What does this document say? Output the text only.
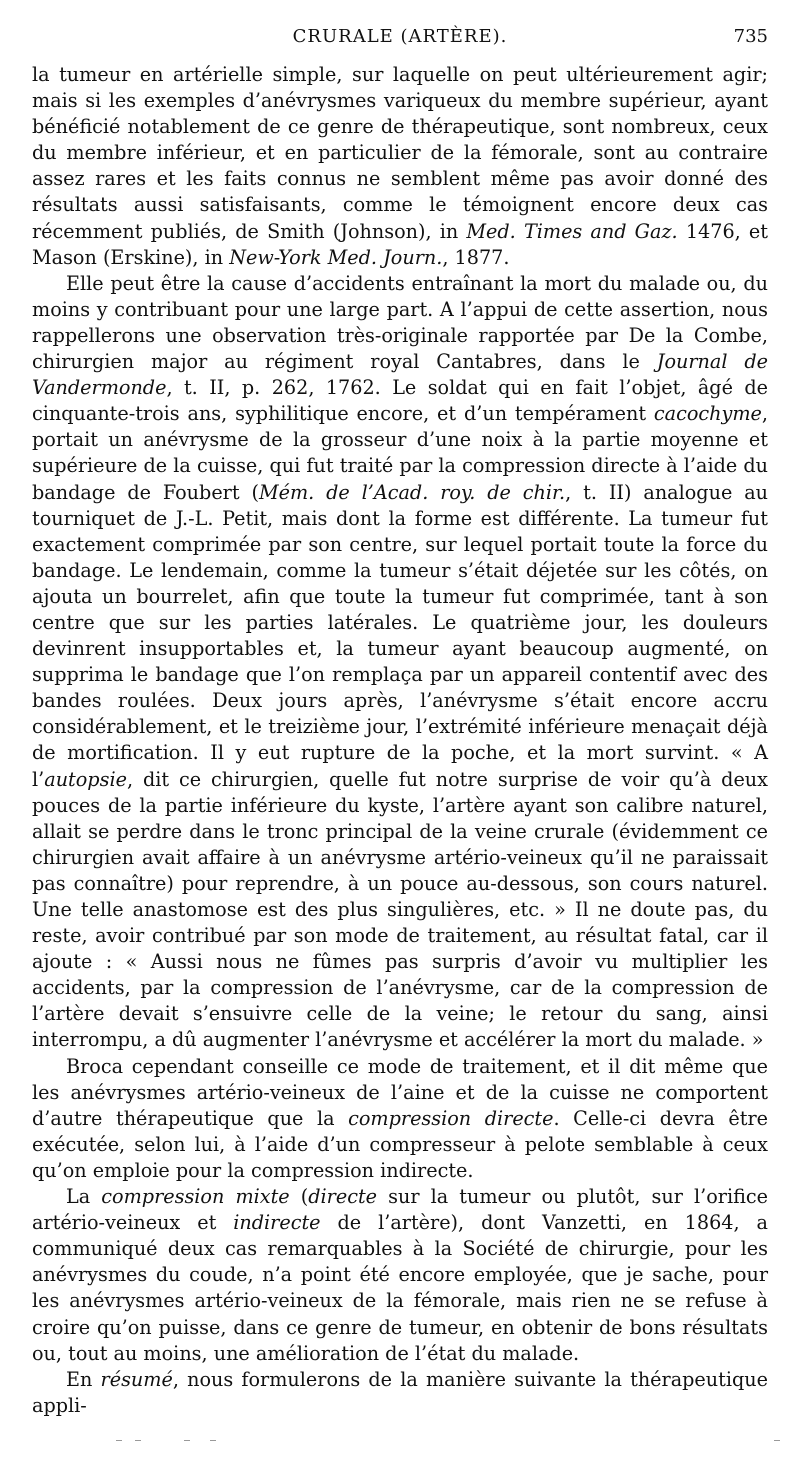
CRURALE (ARTÈRE).	735

la tumeur en artérielle simple, sur laquelle on peut ultérieurement agir; mais si les exemples d’anévrysmes variqueux du membre supérieur, ayant bénéficié notablement de ce genre de thérapeutique, sont nombreux, ceux du membre inférieur, et en particulier de la fémorale, sont au contraire assez rares et les faits connus ne semblent même pas avoir donné des résultats aussi satisfaisants, comme le témoignent encore deux cas récemment publiés, de Smith (Johnson), in Med. Times and Gaz. 1476, et Mason (Erskine), in New-York Med. Journ., 1877.

Elle peut être la cause d’accidents entraînant la mort du malade ou, du moins y contribuant pour une large part. A l’appui de cette assertion, nous rappellerons une observation très-originale rapportée par De la Combe, chirurgien major au régiment royal Cantabres, dans le Journal de Vandermonde, t. II, p. 262, 1762. Le soldat qui en fait l’objet, âgé de cinquante-trois ans, syphilitique encore, et d’un tempérament cacochyme, portait un anévrysme de la grosseur d’une noix à la partie moyenne et supérieure de la cuisse, qui fut traité par la compression directe à l’aide du bandage de Foubert (Mém. de l’Acad. roy. de chir., t. II) analogue au tourniquet de J.-L. Petit, mais dont la forme est différente. La tumeur fut exactement comprimée par son centre, sur lequel portait toute la force du bandage. Le lendemain, comme la tumeur s’était déjetée sur les côtés, on ajouta un bourrelet, afin que toute la tumeur fut comprimée, tant à son centre que sur les parties latérales. Le quatrième jour, les douleurs devinrent insupportables et, la tumeur ayant beaucoup augmenté, on supprima le bandage que l’on remplaça par un appareil contentif avec des bandes roulées. Deux jours après, l’anévrysme s’était encore accru considérablement, et le treizième jour, l’extrémité inférieure menaçait déjà de mortification. Il y eut rupture de la poche, et la mort survint. « A l’autopsie, dit ce chirurgien, quelle fut notre surprise de voir qu’à deux pouces de la partie inférieure du kyste, l’artère ayant son calibre naturel, allait se perdre dans le tronc principal de la veine crurale (évidemment ce chirurgien avait affaire à un anévrysme artério-veineux qu’il ne paraissait pas connaître) pour reprendre, à un pouce au-dessous, son cours naturel. Une telle anastomose est des plus singulières, etc. » Il ne doute pas, du reste, avoir contribué par son mode de traitement, au résultat fatal, car il ajoute : « Aussi nous ne fûmes pas surpris d’avoir vu multiplier les accidents, par la compression de l’anévrysme, car de la compression de l’artère devait s’ensuivre celle de la veine; le retour du sang, ainsi interrompu, a dû augmenter l’anévrysme et accélérer la mort du malade. »

Broca cependant conseille ce mode de traitement, et il dit même que les anévrysmes artério-veineux de l’aine et de la cuisse ne comportent d’autre thérapeutique que la compression directe. Celle-ci devra être exécutée, selon lui, à l’aide d’un compresseur à pelote semblable à ceux qu’on emploie pour la compression indirecte.

La compression mixte (directe sur la tumeur ou plutôt, sur l’orifice artério-veineux et indirecte de l’artère), dont Vanzetti, en 1864, a communiqué deux cas remarquables à la Société de chirurgie, pour les anévrysmes du coude, n’a point été encore employée, que je sache, pour les anévrysmes artério-veineux de la fémorale, mais rien ne se refuse à croire qu’on puisse, dans ce genre de tumeur, en obtenir de bons résultats ou, tout au moins, une amélioration de l’état du malade.

En résumé, nous formulerons de la manière suivante la thérapeutique appli-
